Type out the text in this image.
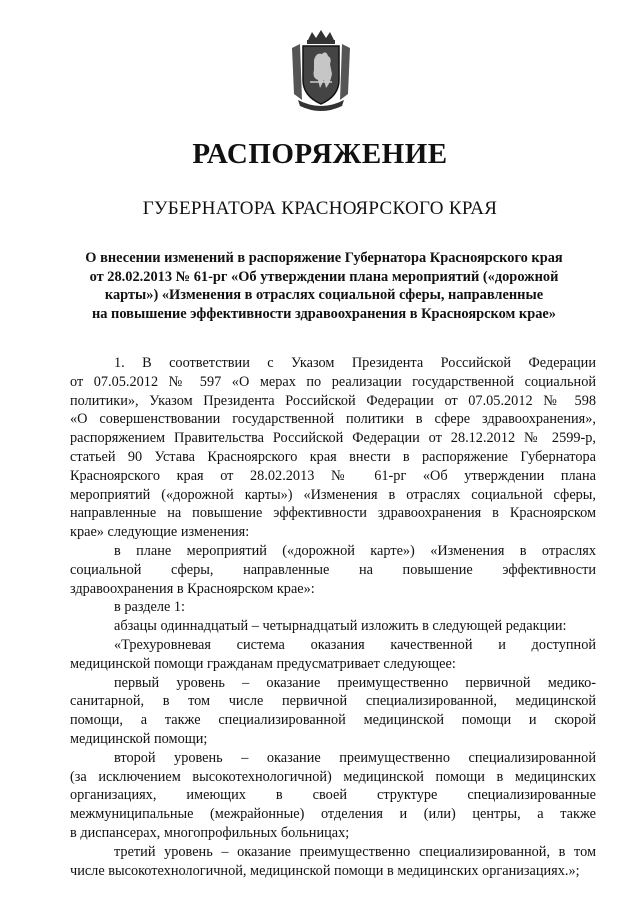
РАСПОРЯЖЕНИЕ
ГУБЕРНАТОРА КРАСНОЯРСКОГО КРАЯ
О внесении изменений в распоряжение Губернатора Красноярского края
от 28.02.2013 № 61-рг «Об утверждении плана мероприятий («дорожной
карты») «Изменения в отраслях социальной сферы, направленные
на повышение эффективности здравоохранения в Красноярском крае»

1. В соответствии с Указом Президента Российской Федерации

от 07.05.2012 № 597 «О мерах по реализации государственной социальной

политики», Указом Президента Российской Федерации от 07.05.2012 № 598

«О совершенствовании государственной политики в сфере здравоохранения»,

распоряжением Правительства Российской Федерации от 28.12.2012 № 2599-р,

статьей 90 Устава Красноярского края внести в распоряжение Губернатора

Красноярского края от 28.02.2013 № 61-рг «Об утверждении плана

мероприятий («дорожной карты») «Изменения в отраслях социальной сферы,

направленные на повышение эффективности здравоохранения в Красноярском

крае» следующие изменения:

в плане мероприятий («дорожной карте») «Изменения в отраслях

социальной сферы, направленные на повышение эффективности

здравоохранения в Красноярском крае»:

в разделе 1:

абзацы одиннадцатый – четырнадцатый изложить в следующей редакции:

«Трехуровневая система оказания качественной и доступной

медицинской помощи гражданам предусматривает следующее:

первый уровень – оказание преимущественно первичной медико-

санитарной, в том числе первичной специализированной, медицинской

помощи, а также специализированной медицинской помощи и скорой

медицинской помощи;

второй уровень – оказание преимущественно специализированной

(за исключением высокотехнологичной) медицинской помощи в медицинских

организациях, имеющих в своей структуре специализированные

межмуниципальные (межрайонные) отделения и (или) центры, а также

в диспансерах, многопрофильных больницах;

третий уровень – оказание преимущественно специализированной, в том

числе высокотехнологичной, медицинской помощи в медицинских организациях.»;
